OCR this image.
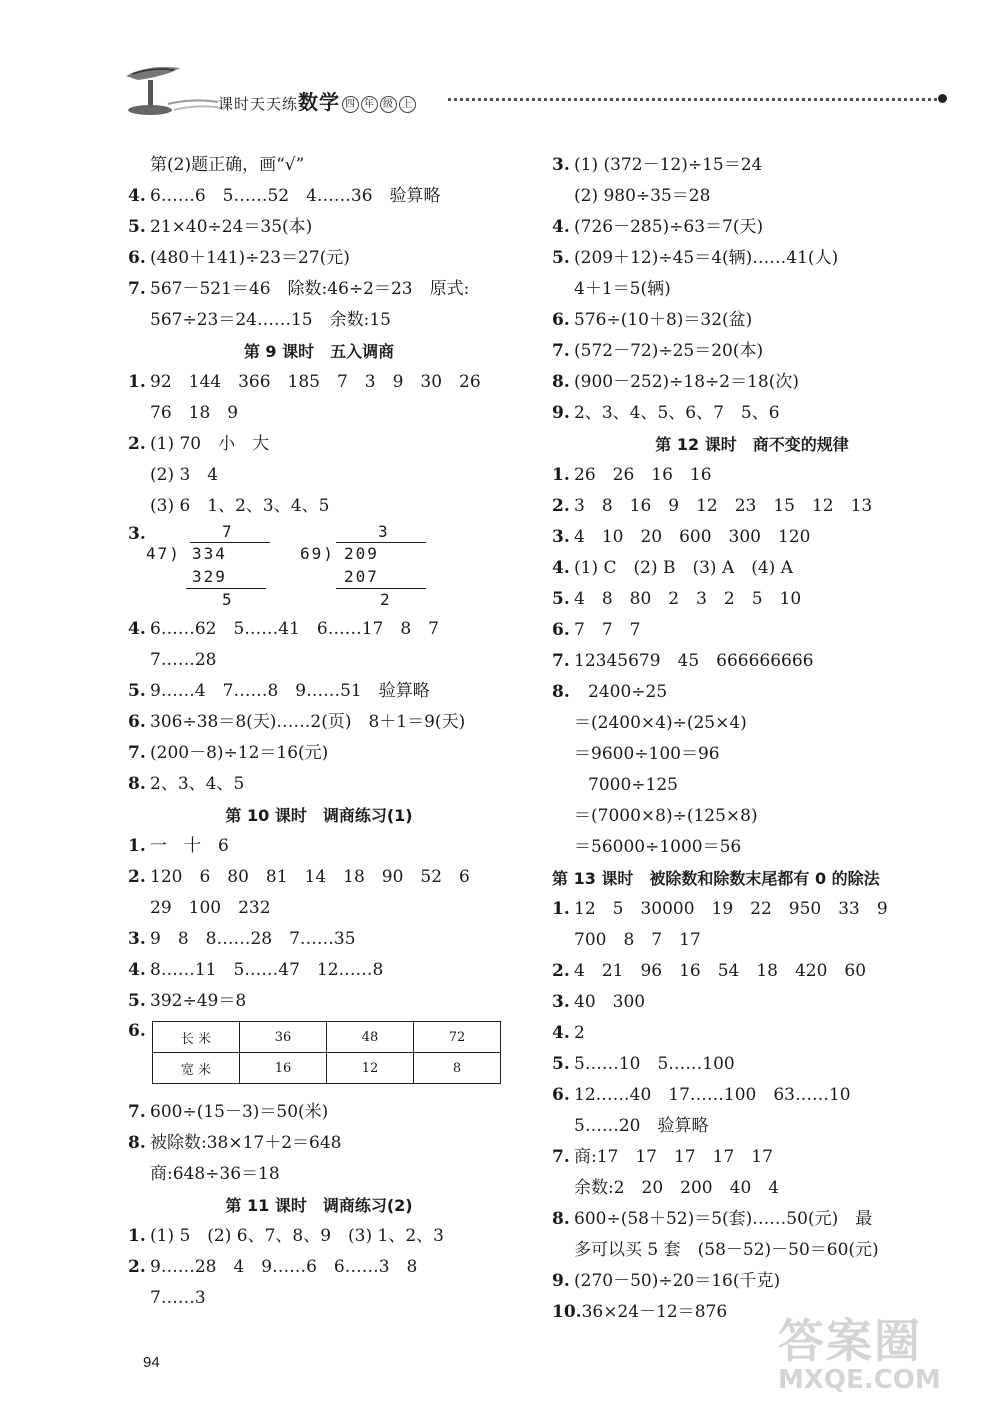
课时天天练数学 四 年 级 上
第(2)题正确，画“√”
4. 6……6　5……52　4……36　验算略
5. 21×40÷24＝35(本)
6. (480＋141)÷23＝27(元)
7. 567－521＝46　除数:46÷2＝23　原式:
567÷23＝24……15　余数:15
第 9 课时　五入调商
1. 92　144　366　185　7　3　9　30　26
76　18　9
2. (1) 70　小　大
(2) 3　4
(3) 6　1、2、3、4、5
3.	7
47) 334
329
5
3
69) 209
207
2
4. 6……62　5……41　6……17　8　7
7……28
5. 9……4　7……8　9……51　验算略
6. 306÷38＝8(天)……2(页)　8＋1＝9(天)
7. (200－8)÷12＝16(元)
8. 2、3、4、5
第 10 课时　调商练习(1)
1. 一　十　6
2. 120　6　80　81　14　18　90　52　6
29　100　232
3. 9　8　8……28　7……35
4. 8……11　5……47　12……8
5. 392÷49＝8
6.	长 米	36	48	72
宽 米	16	12	8
7. 600÷(15－3)＝50(米)
8. 被除数:38×17＋2＝648
商:648÷36＝18
第 11 课时　调商练习(2)
1. (1) 5　(2) 6、7、8、9　(3) 1、2、3
2. 9……28　4　9……6　6……3　8
7……3
3. (1) (372－12)÷15＝24
(2) 980÷35＝28
4. (726－285)÷63＝7(天)
5. (209＋12)÷45＝4(辆)……41(人)
4＋1＝5(辆)
6. 576÷(10＋8)＝32(盆)
7. (572－72)÷25＝20(本)
8. (900－252)÷18÷2＝18(次)
9. 2、3、4、5、6、7　5、6
第 12 课时　商不变的规律
1. 26　26　16　16
2. 3　8　16　9　12　23　15　12　13
3. 4　10　20　600　300　120
4. (1) C　(2) B　(3) A　(4) A
5. 4　8　80　2　3　2　5　10
6. 7　7　7
7. 12345679　45　666666666
8. 2400÷25
＝(2400×4)÷(25×4)
＝9600÷100＝96
7000÷125
＝(7000×8)÷(125×8)
＝56000÷1000＝56
第 13 课时　被除数和除数末尾都有 0 的除法
1. 12　5　30000　19　22　950　33　9
700　8　7　17
2. 4　21　96　16　54　18　420　60
3. 40　300
4. 2
5. 5……10　5……100
6. 12……40　17……100　63……10
5……20　验算略
7. 商:17　17　17　17　17
余数:2　20　200　40　4
8. 600÷(58＋52)＝5(套)……50(元)　最
多可以买 5 套　(58－52)－50＝60(元)
9. (270－50)÷20＝16(千克)
10.36×24－12＝876
94	答案圈
MXQE.COM
